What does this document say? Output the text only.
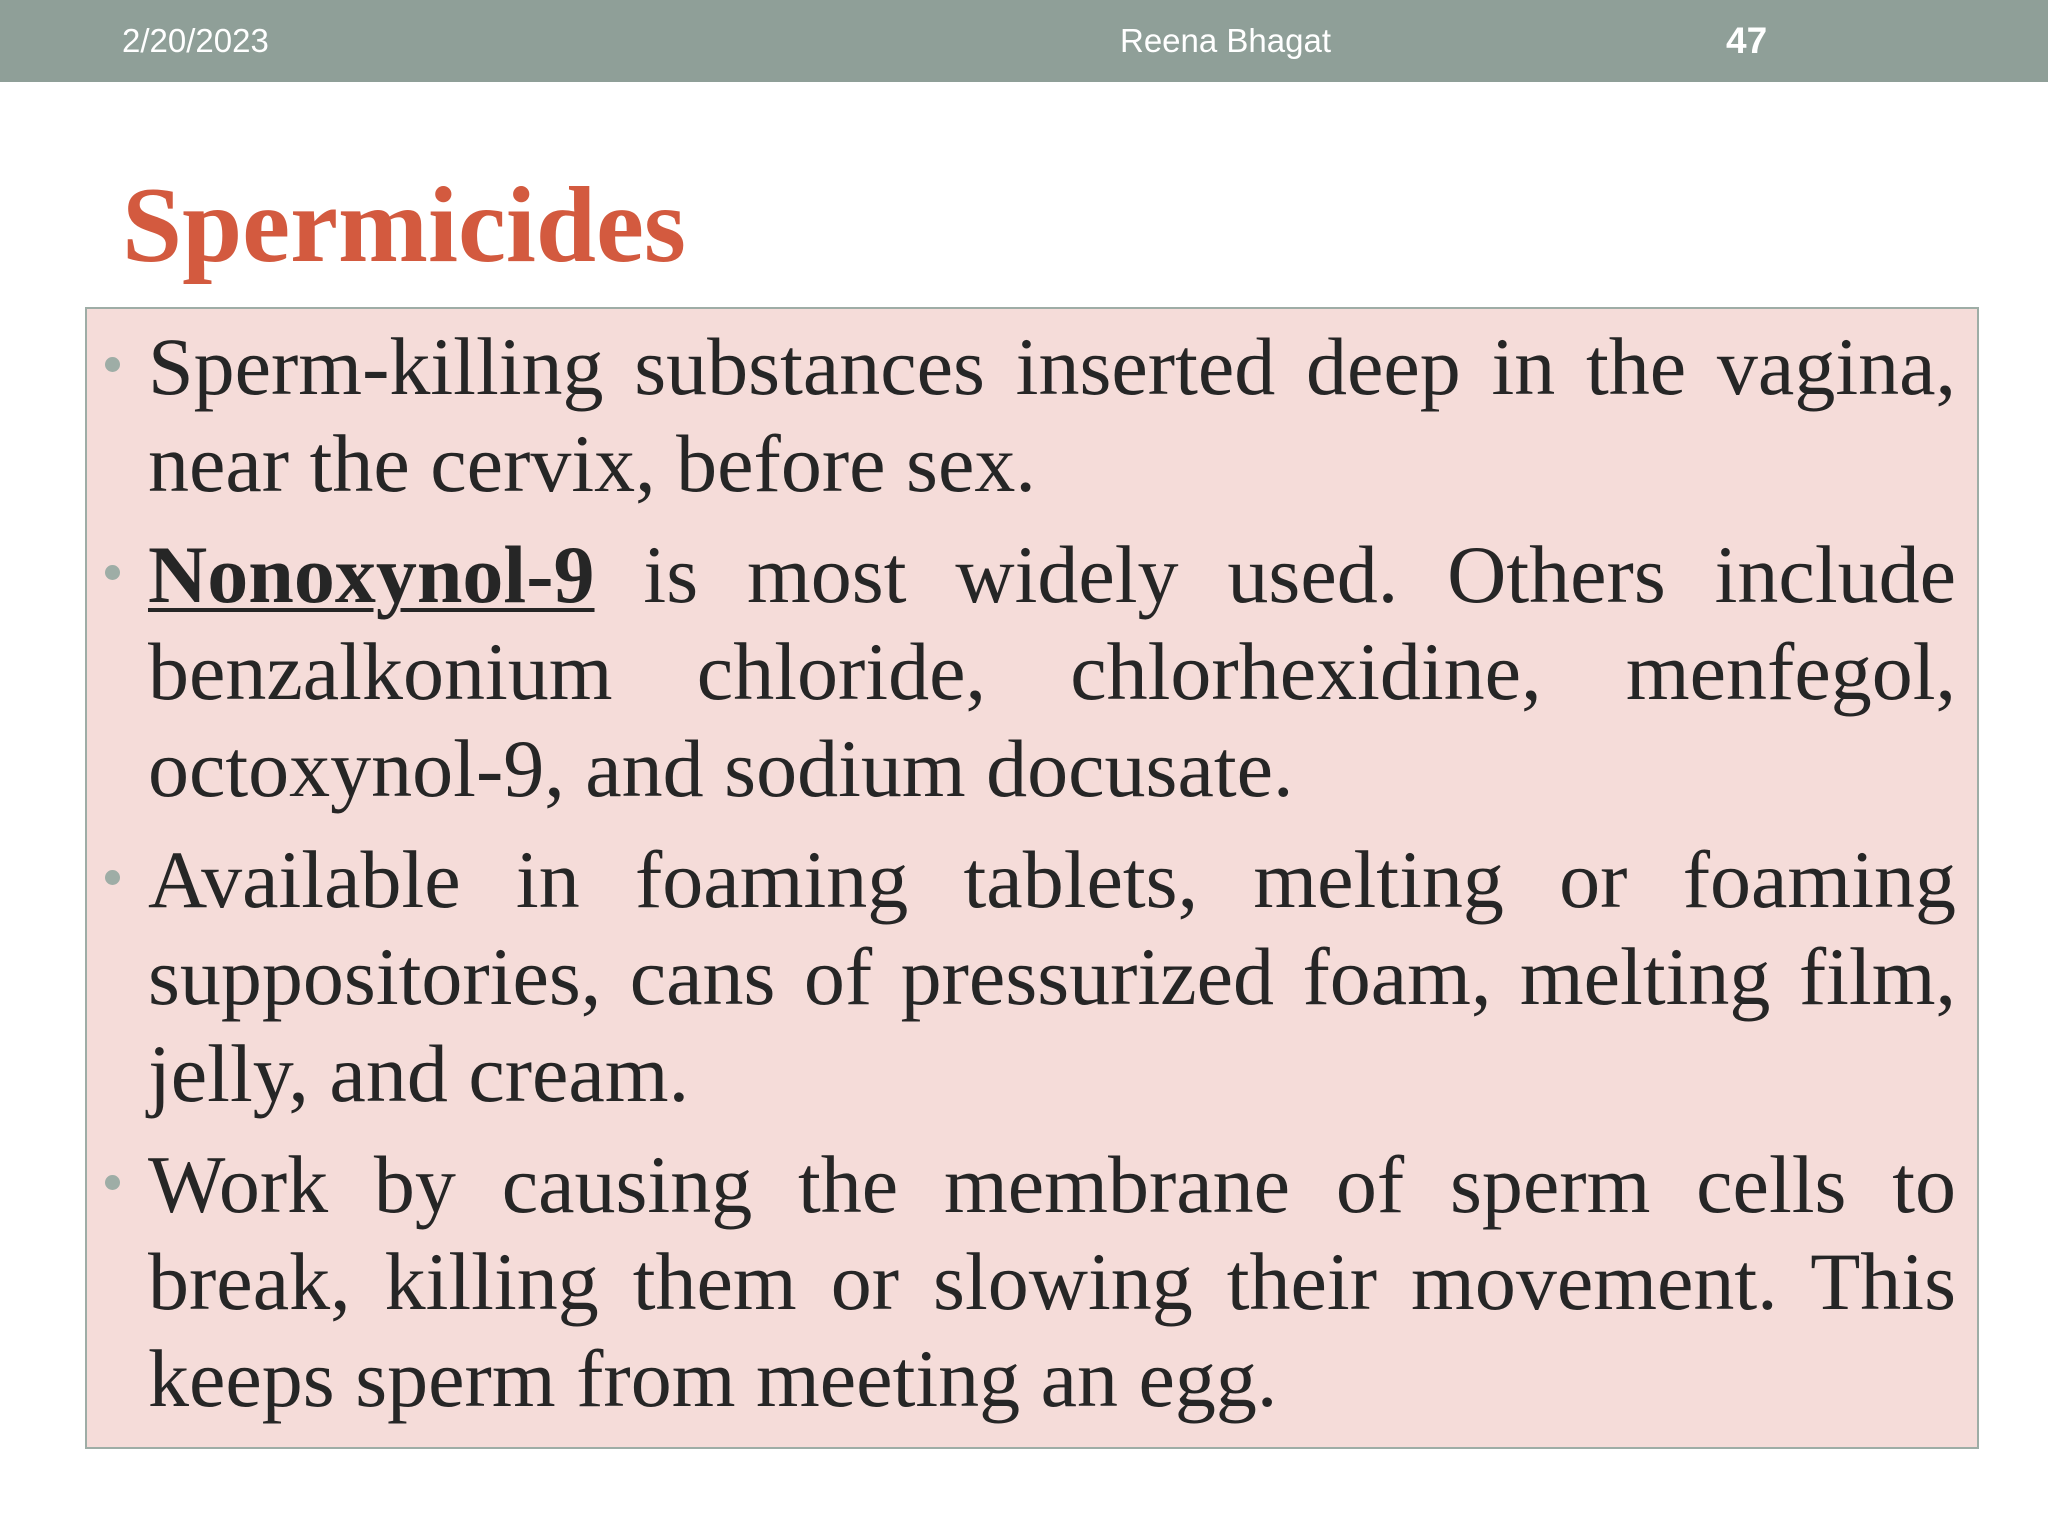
2/20/2023	Reena Bhagat	47
Spermicides
Sperm-killing substances inserted deep in the vagina, near the cervix, before sex.
Nonoxynol-9 is most widely used. Others include benzalkonium chloride, chlorhexidine, menfegol, octoxynol-9, and sodium docusate.
Available in foaming tablets, melting or foaming suppositories, cans of pressurized foam, melting film, jelly, and cream.
Work by causing the membrane of sperm cells to break, killing them or slowing their movement. This keeps sperm from meeting an egg.
